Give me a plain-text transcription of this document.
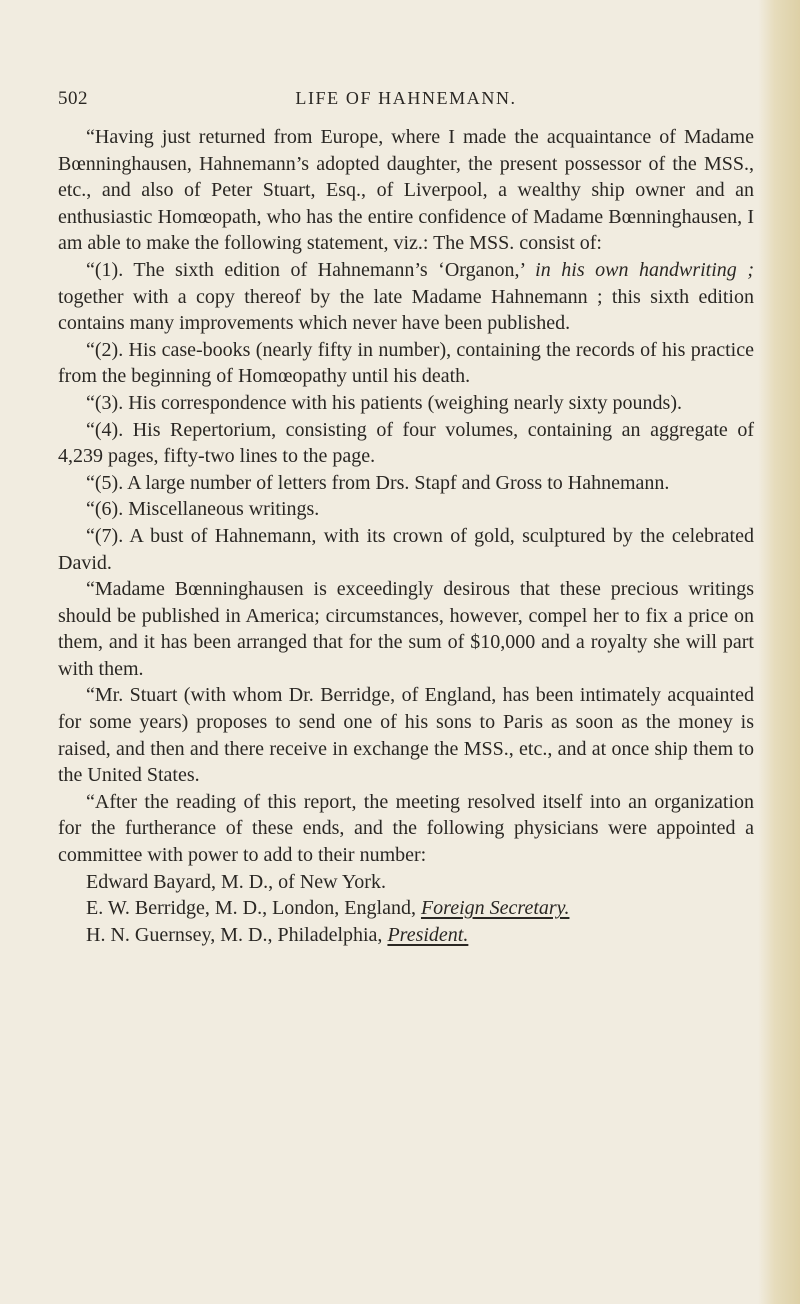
502	LIFE OF HAHNEMANN.

“Having just returned from Europe, where I made the acquaintance of Madame Bœnninghausen, Hahnemann’s adopted daughter, the present possessor of the MSS., etc., and also of Peter Stuart, Esq., of Liverpool, a wealthy ship owner and an enthusiastic Homœopath, who has the entire confidence of Madame Bœnninghausen, I am able to make the following statement, viz.: The MSS. consist of:

“(1). The sixth edition of Hahnemann’s ‘Organon,’ in his own handwriting ; together with a copy thereof by the late Madame Hahnemann ; this sixth edition contains many improvements which never have been published.

“(2). His case-books (nearly fifty in number), containing the records of his practice from the beginning of Homœopathy until his death.

“(3). His correspondence with his patients (weighing nearly sixty pounds).

“(4). His Repertorium, consisting of four volumes, containing an aggregate of 4,239 pages, fifty-two lines to the page.

“(5). A large number of letters from Drs. Stapf and Gross to Hahnemann.

“(6). Miscellaneous writings.

“(7). A bust of Hahnemann, with its crown of gold, sculptured by the celebrated David.

“Madame Bœnninghausen is exceedingly desirous that these precious writings should be published in America; circumstances, however, compel her to fix a price on them, and it has been arranged that for the sum of $10,000 and a royalty she will part with them.

“Mr. Stuart (with whom Dr. Berridge, of England, has been intimately acquainted for some years) proposes to send one of his sons to Paris as soon as the money is raised, and then and there receive in exchange the MSS., etc., and at once ship them to the United States.

“After the reading of this report, the meeting resolved itself into an organization for the furtherance of these ends, and the following physicians were appointed a committee with power to add to their number:

Edward Bayard, M. D., of New York.

E. W. Berridge, M. D., London, England, Foreign Secretary.

H. N. Guernsey, M. D., Philadelphia, President.
